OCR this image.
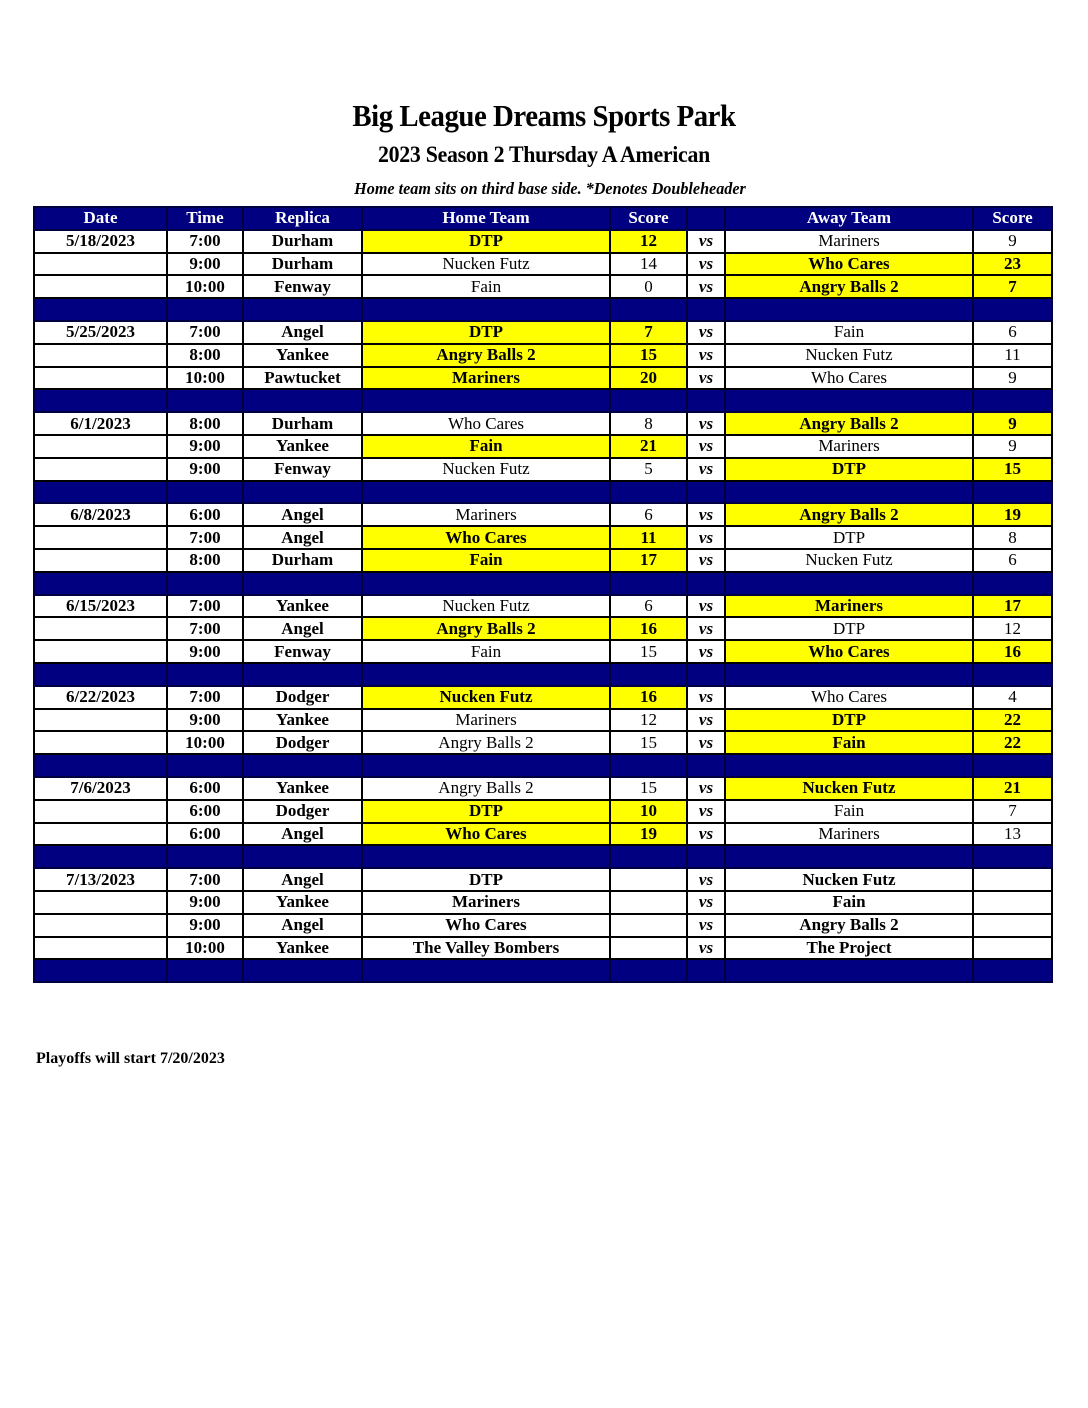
Big League Dreams Sports Park
2023 Season 2 Thursday A American
Home team sits on third base side. *Denotes Doubleheader
Date	Time	Replica	Home Team	Score		Away Team	Score
5/18/2023	7:00	Durham	DTP	12	vs	Mariners	9
	9:00	Durham	Nucken Futz	14	vs	Who Cares	23
	10:00	Fenway	Fain	0	vs	Angry Balls 2	7

5/25/2023	7:00	Angel	DTP	7	vs	Fain	6
	8:00	Yankee	Angry Balls 2	15	vs	Nucken Futz	11
	10:00	Pawtucket	Mariners	20	vs	Who Cares	9

6/1/2023	8:00	Durham	Who Cares	8	vs	Angry Balls 2	9
	9:00	Yankee	Fain	21	vs	Mariners	9
	9:00	Fenway	Nucken Futz	5	vs	DTP	15

6/8/2023	6:00	Angel	Mariners	6	vs	Angry Balls 2	19
	7:00	Angel	Who Cares	11	vs	DTP	8
	8:00	Durham	Fain	17	vs	Nucken Futz	6

6/15/2023	7:00	Yankee	Nucken Futz	6	vs	Mariners	17
	7:00	Angel	Angry Balls 2	16	vs	DTP	12
	9:00	Fenway	Fain	15	vs	Who Cares	16

6/22/2023	7:00	Dodger	Nucken Futz	16	vs	Who Cares	4
	9:00	Yankee	Mariners	12	vs	DTP	22
	10:00	Dodger	Angry Balls 2	15	vs	Fain	22

7/6/2023	6:00	Yankee	Angry Balls 2	15	vs	Nucken Futz	21
	6:00	Dodger	DTP	10	vs	Fain	7
	6:00	Angel	Who Cares	19	vs	Mariners	13

7/13/2023	7:00	Angel	DTP		vs	Nucken Futz	
	9:00	Yankee	Mariners		vs	Fain	
	9:00	Angel	Who Cares		vs	Angry Balls 2	
	10:00	Yankee	The Valley Bombers		vs	The Project	

Playoffs will start 7/20/2023
